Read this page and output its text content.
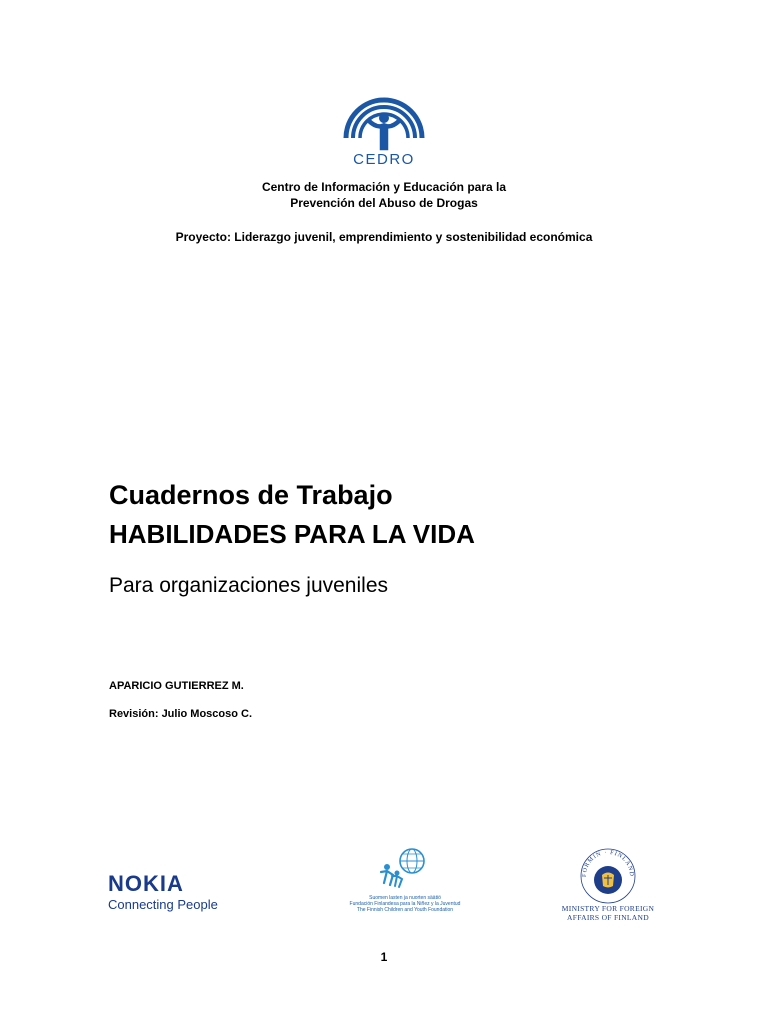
CEDRO
Centro de Información y Educación para la
Prevención del Abuso de Drogas
Proyecto: Liderazgo juvenil, emprendimiento y sostenibilidad económica
Cuadernos de Trabajo
HABILIDADES PARA LA VIDA
Para organizaciones juveniles
APARICIO GUTIERREZ M.
Revisión: Julio Moscoso C.
NOKIA
Connecting People	Suomen lasten ja nuorten säätiö
Fundación Finlandesa para la Niñez y la Juventud
The Finnish Children and Youth Foundation
FORMIN · FINLAND
MINISTRY FOR FOREIGN
AFFAIRS OF FINLAND
1
